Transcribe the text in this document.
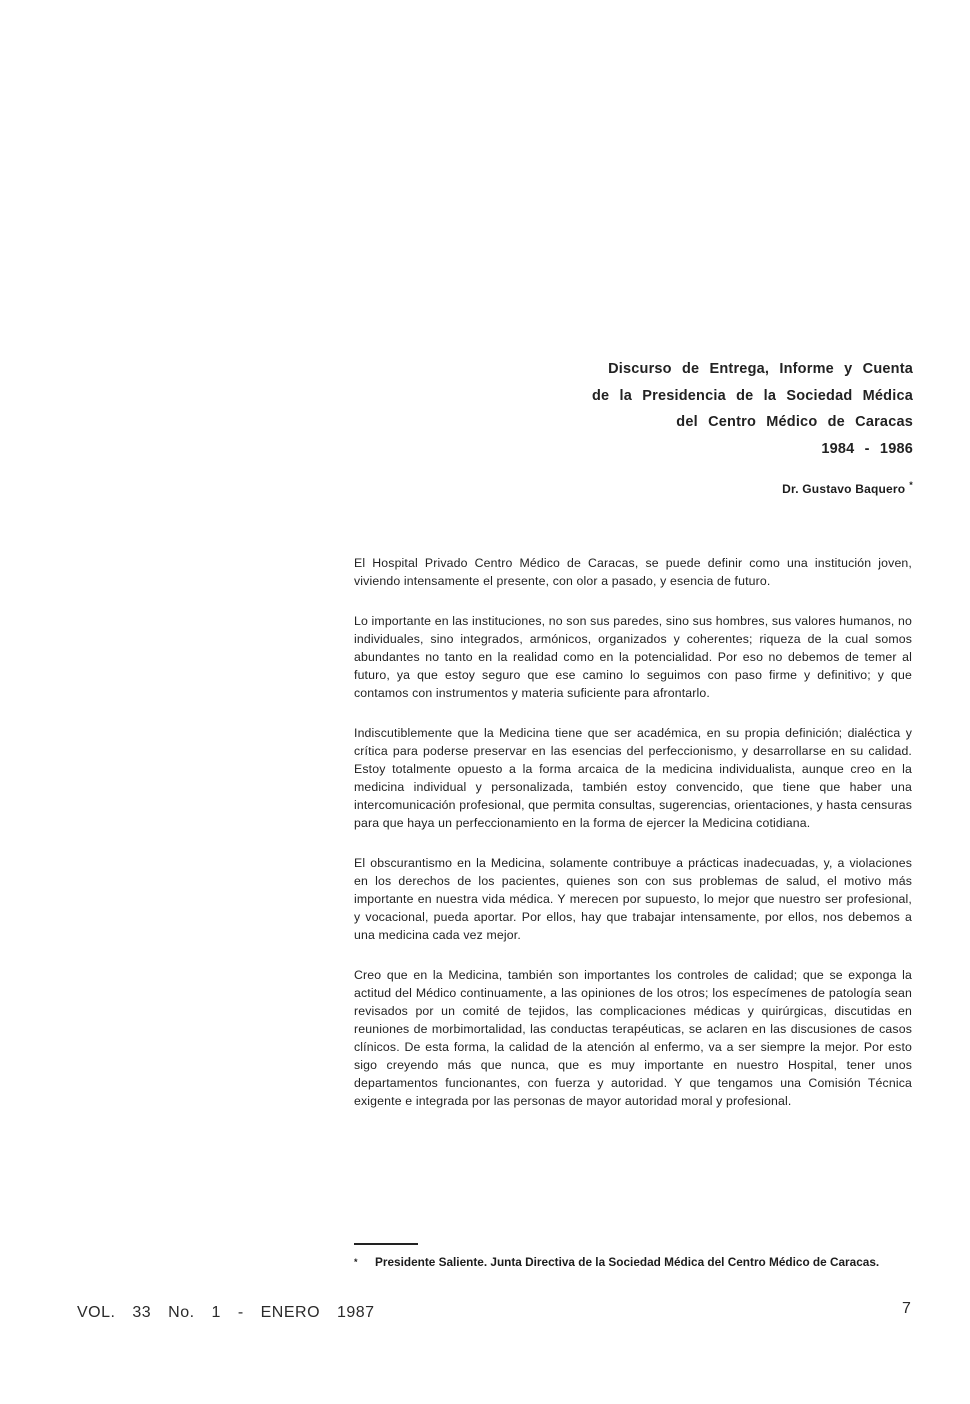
Discurso de Entrega, Informe y Cuenta
de la Presidencia de la Sociedad Médica
del Centro Médico de Caracas
1984 - 1986
Dr. Gustavo Baquero *

El Hospital Privado Centro Médico de Caracas, se puede definir como una institución joven, viviendo intensamente el presente, con olor a pasado, y esencia de futuro.

Lo importante en las instituciones, no son sus paredes, sino sus hombres, sus valores humanos, no individuales, sino integrados, armónicos, organizados y coherentes; riqueza de la cual somos abundantes no tanto en la realidad como en la potencialidad. Por eso no debemos de temer al futuro, ya que estoy seguro que ese camino lo seguimos con paso firme y definitivo; y que contamos con instrumentos y materia suficiente para afrontarlo.

Indiscutiblemente que la Medicina tiene que ser académica, en su propia definición; dialéctica y crítica para poderse preservar en las esencias del perfeccionismo, y desarrollarse en su calidad. Estoy totalmente opuesto a la forma arcaica de la medicina individualista, aunque creo en la medicina individual y personalizada, también estoy convencido, que tiene que haber una intercomunicación profesional, que permita consultas, sugerencias, orientaciones, y hasta censuras para que haya un perfeccionamiento en la forma de ejercer la Medicina cotidiana.

El obscurantismo en la Medicina, solamente contribuye a prácticas inadecuadas, y, a violaciones en los derechos de los pacientes, quienes son con sus problemas de salud, el motivo más importante en nuestra vida médica. Y merecen por supuesto, lo mejor que nuestro ser profesional, y vocacional, pueda aportar. Por ellos, hay que trabajar intensamente, por ellos, nos debemos a una medicina cada vez mejor.

Creo que en la Medicina, también son importantes los controles de calidad; que se exponga la actitud del Médico continuamente, a las opiniones de los otros; los especímenes de patología sean revisados por un comité de tejidos, las complicaciones médicas y quirúrgicas, discutidas en reuniones de morbimortalidad, las conductas terapéuticas, se aclaren en las discusiones de casos clínicos. De esta forma, la calidad de la atención al enfermo, va a ser siempre la mejor. Por esto sigo creyendo más que nunca, que es muy importante en nuestro Hospital, tener unos departamentos funcionantes, con fuerza y autoridad. Y que tengamos una Comisión Técnica exigente e integrada por las personas de mayor autoridad moral y profesional.

*	Presidente Saliente. Junta Directiva de la Sociedad Médica del Centro Médico de Caracas.
VOL. 33 No. 1 - ENERO 1987	7
